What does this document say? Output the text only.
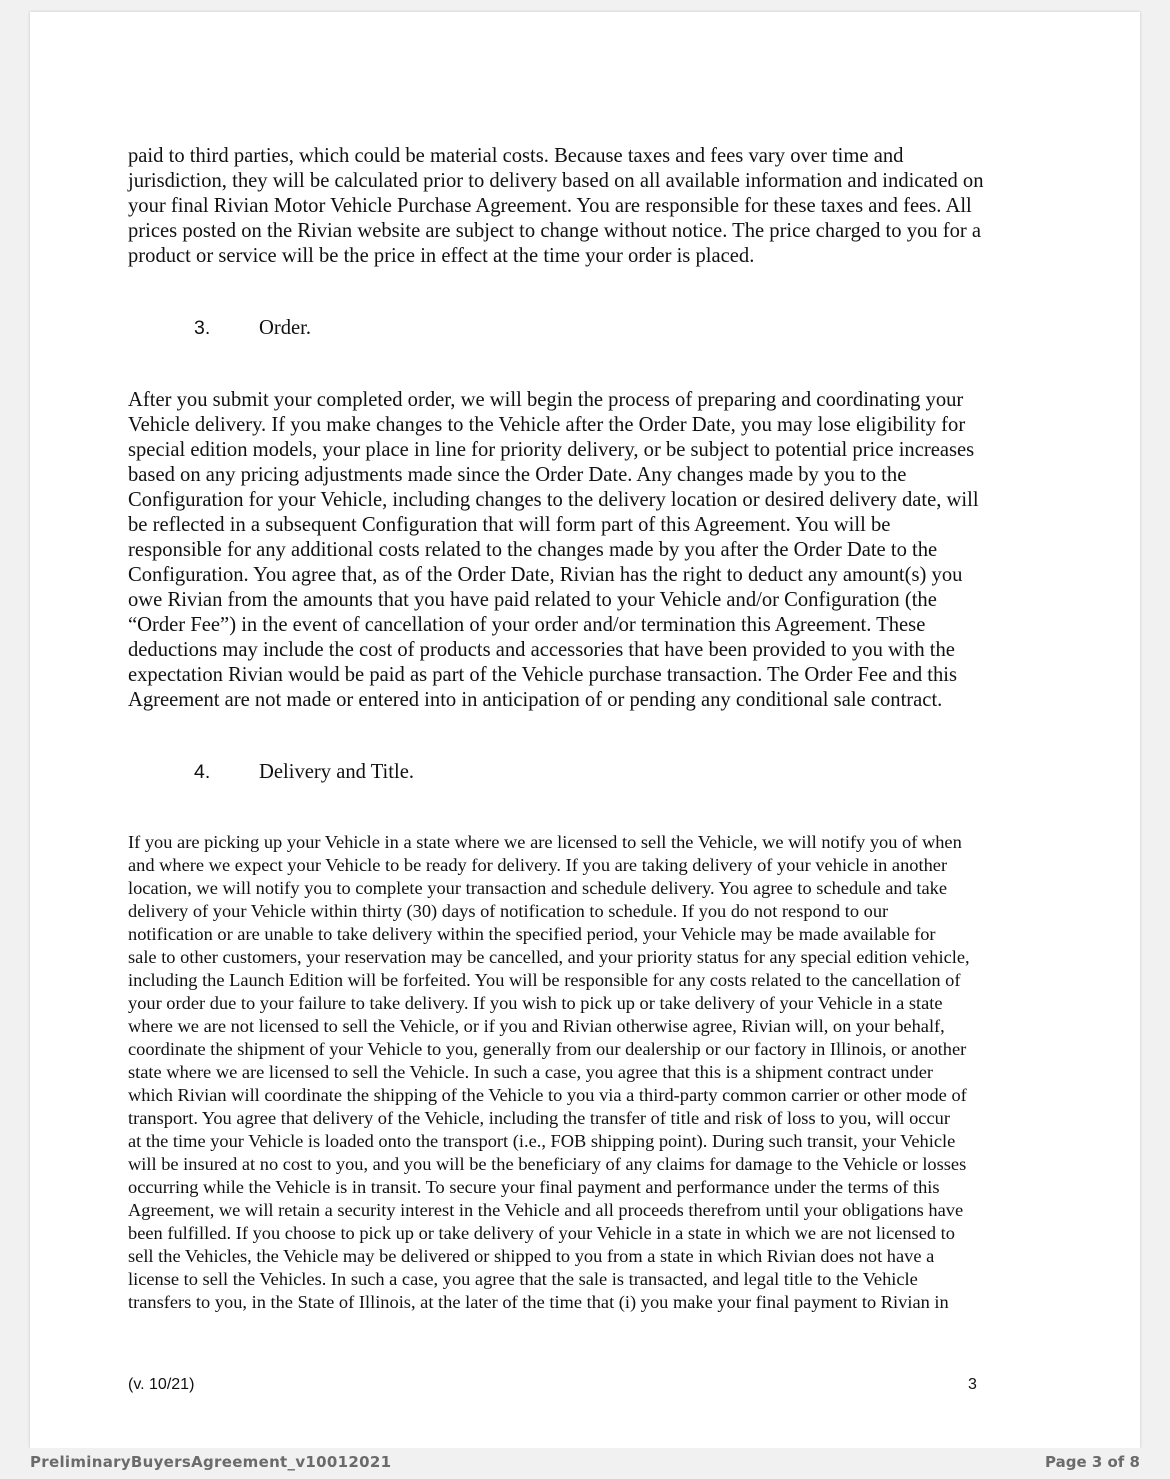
paid to third parties, which could be material costs. Because taxes and fees vary over time and
jurisdiction, they will be calculated prior to delivery based on all available information and indicated on
your final Rivian Motor Vehicle Purchase Agreement. You are responsible for these taxes and fees. All
prices posted on the Rivian website are subject to change without notice. The price charged to you for a
product or service will be the price in effect at the time your order is placed.

3. Order.

After you submit your completed order, we will begin the process of preparing and coordinating your
Vehicle delivery. If you make changes to the Vehicle after the Order Date, you may lose eligibility for
special edition models, your place in line for priority delivery, or be subject to potential price increases
based on any pricing adjustments made since the Order Date. Any changes made by you to the
Configuration for your Vehicle, including changes to the delivery location or desired delivery date, will
be reflected in a subsequent Configuration that will form part of this Agreement. You will be
responsible for any additional costs related to the changes made by you after the Order Date to the
Configuration. You agree that, as of the Order Date, Rivian has the right to deduct any amount(s) you
owe Rivian from the amounts that you have paid related to your Vehicle and/or Configuration (the
“Order Fee”) in the event of cancellation of your order and/or termination this Agreement. These
deductions may include the cost of products and accessories that have been provided to you with the
expectation Rivian would be paid as part of the Vehicle purchase transaction. The Order Fee and this
Agreement are not made or entered into in anticipation of or pending any conditional sale contract.

4. Delivery and Title.

If you are picking up your Vehicle in a state where we are licensed to sell the Vehicle, we will notify you of when
and where we expect your Vehicle to be ready for delivery. If you are taking delivery of your vehicle in another
location, we will notify you to complete your transaction and schedule delivery. You agree to schedule and take
delivery of your Vehicle within thirty (30) days of notification to schedule. If you do not respond to our
notification or are unable to take delivery within the specified period, your Vehicle may be made available for
sale to other customers, your reservation may be cancelled, and your priority status for any special edition vehicle,
including the Launch Edition will be forfeited. You will be responsible for any costs related to the cancellation of
your order due to your failure to take delivery. If you wish to pick up or take delivery of your Vehicle in a state
where we are not licensed to sell the Vehicle, or if you and Rivian otherwise agree, Rivian will, on your behalf,
coordinate the shipment of your Vehicle to you, generally from our dealership or our factory in Illinois, or another
state where we are licensed to sell the Vehicle. In such a case, you agree that this is a shipment contract under
which Rivian will coordinate the shipping of the Vehicle to you via a third-party common carrier or other mode of
transport. You agree that delivery of the Vehicle, including the transfer of title and risk of loss to you, will occur
at the time your Vehicle is loaded onto the transport (i.e., FOB shipping point). During such transit, your Vehicle
will be insured at no cost to you, and you will be the beneficiary of any claims for damage to the Vehicle or losses
occurring while the Vehicle is in transit. To secure your final payment and performance under the terms of this
Agreement, we will retain a security interest in the Vehicle and all proceeds therefrom until your obligations have
been fulfilled. If you choose to pick up or take delivery of your Vehicle in a state in which we are not licensed to
sell the Vehicles, the Vehicle may be delivered or shipped to you from a state in which Rivian does not have a
license to sell the Vehicles. In such a case, you agree that the sale is transacted, and legal title to the Vehicle
transfers to you, in the State of Illinois, at the later of the time that (i) you make your final payment to Rivian in

(v. 10/21)	3
PreliminaryBuyersAgreement_v10012021	Page 3 of 8
